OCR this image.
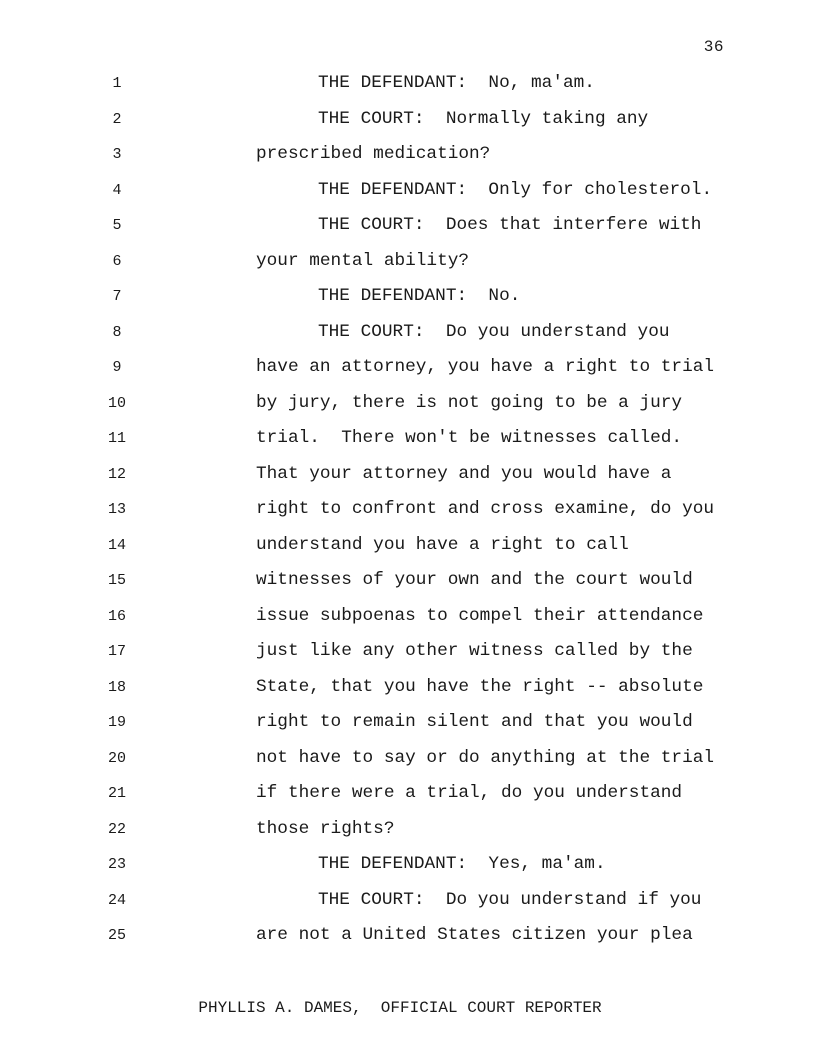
36
1	THE DEFENDANT:  No, ma'am.
2	THE COURT:  Normally taking any
3	prescribed medication?
4	THE DEFENDANT:  Only for cholesterol.
5	THE COURT:  Does that interfere with
6	your mental ability?
7	THE DEFENDANT:  No.
8	THE COURT:  Do you understand you
9	have an attorney, you have a right to trial
10	by jury, there is not going to be a jury
11	trial.  There won't be witnesses called.
12	That your attorney and you would have a
13	right to confront and cross examine, do you
14	understand you have a right to call
15	witnesses of your own and the court would
16	issue subpoenas to compel their attendance
17	just like any other witness called by the
18	State, that you have the right -- absolute
19	right to remain silent and that you would
20	not have to say or do anything at the trial
21	if there were a trial, do you understand
22	those rights?
23	THE DEFENDANT:  Yes, ma'am.
24	THE COURT:  Do you understand if you
25	are not a United States citizen your plea
PHYLLIS A. DAMES,  OFFICIAL COURT REPORTER
